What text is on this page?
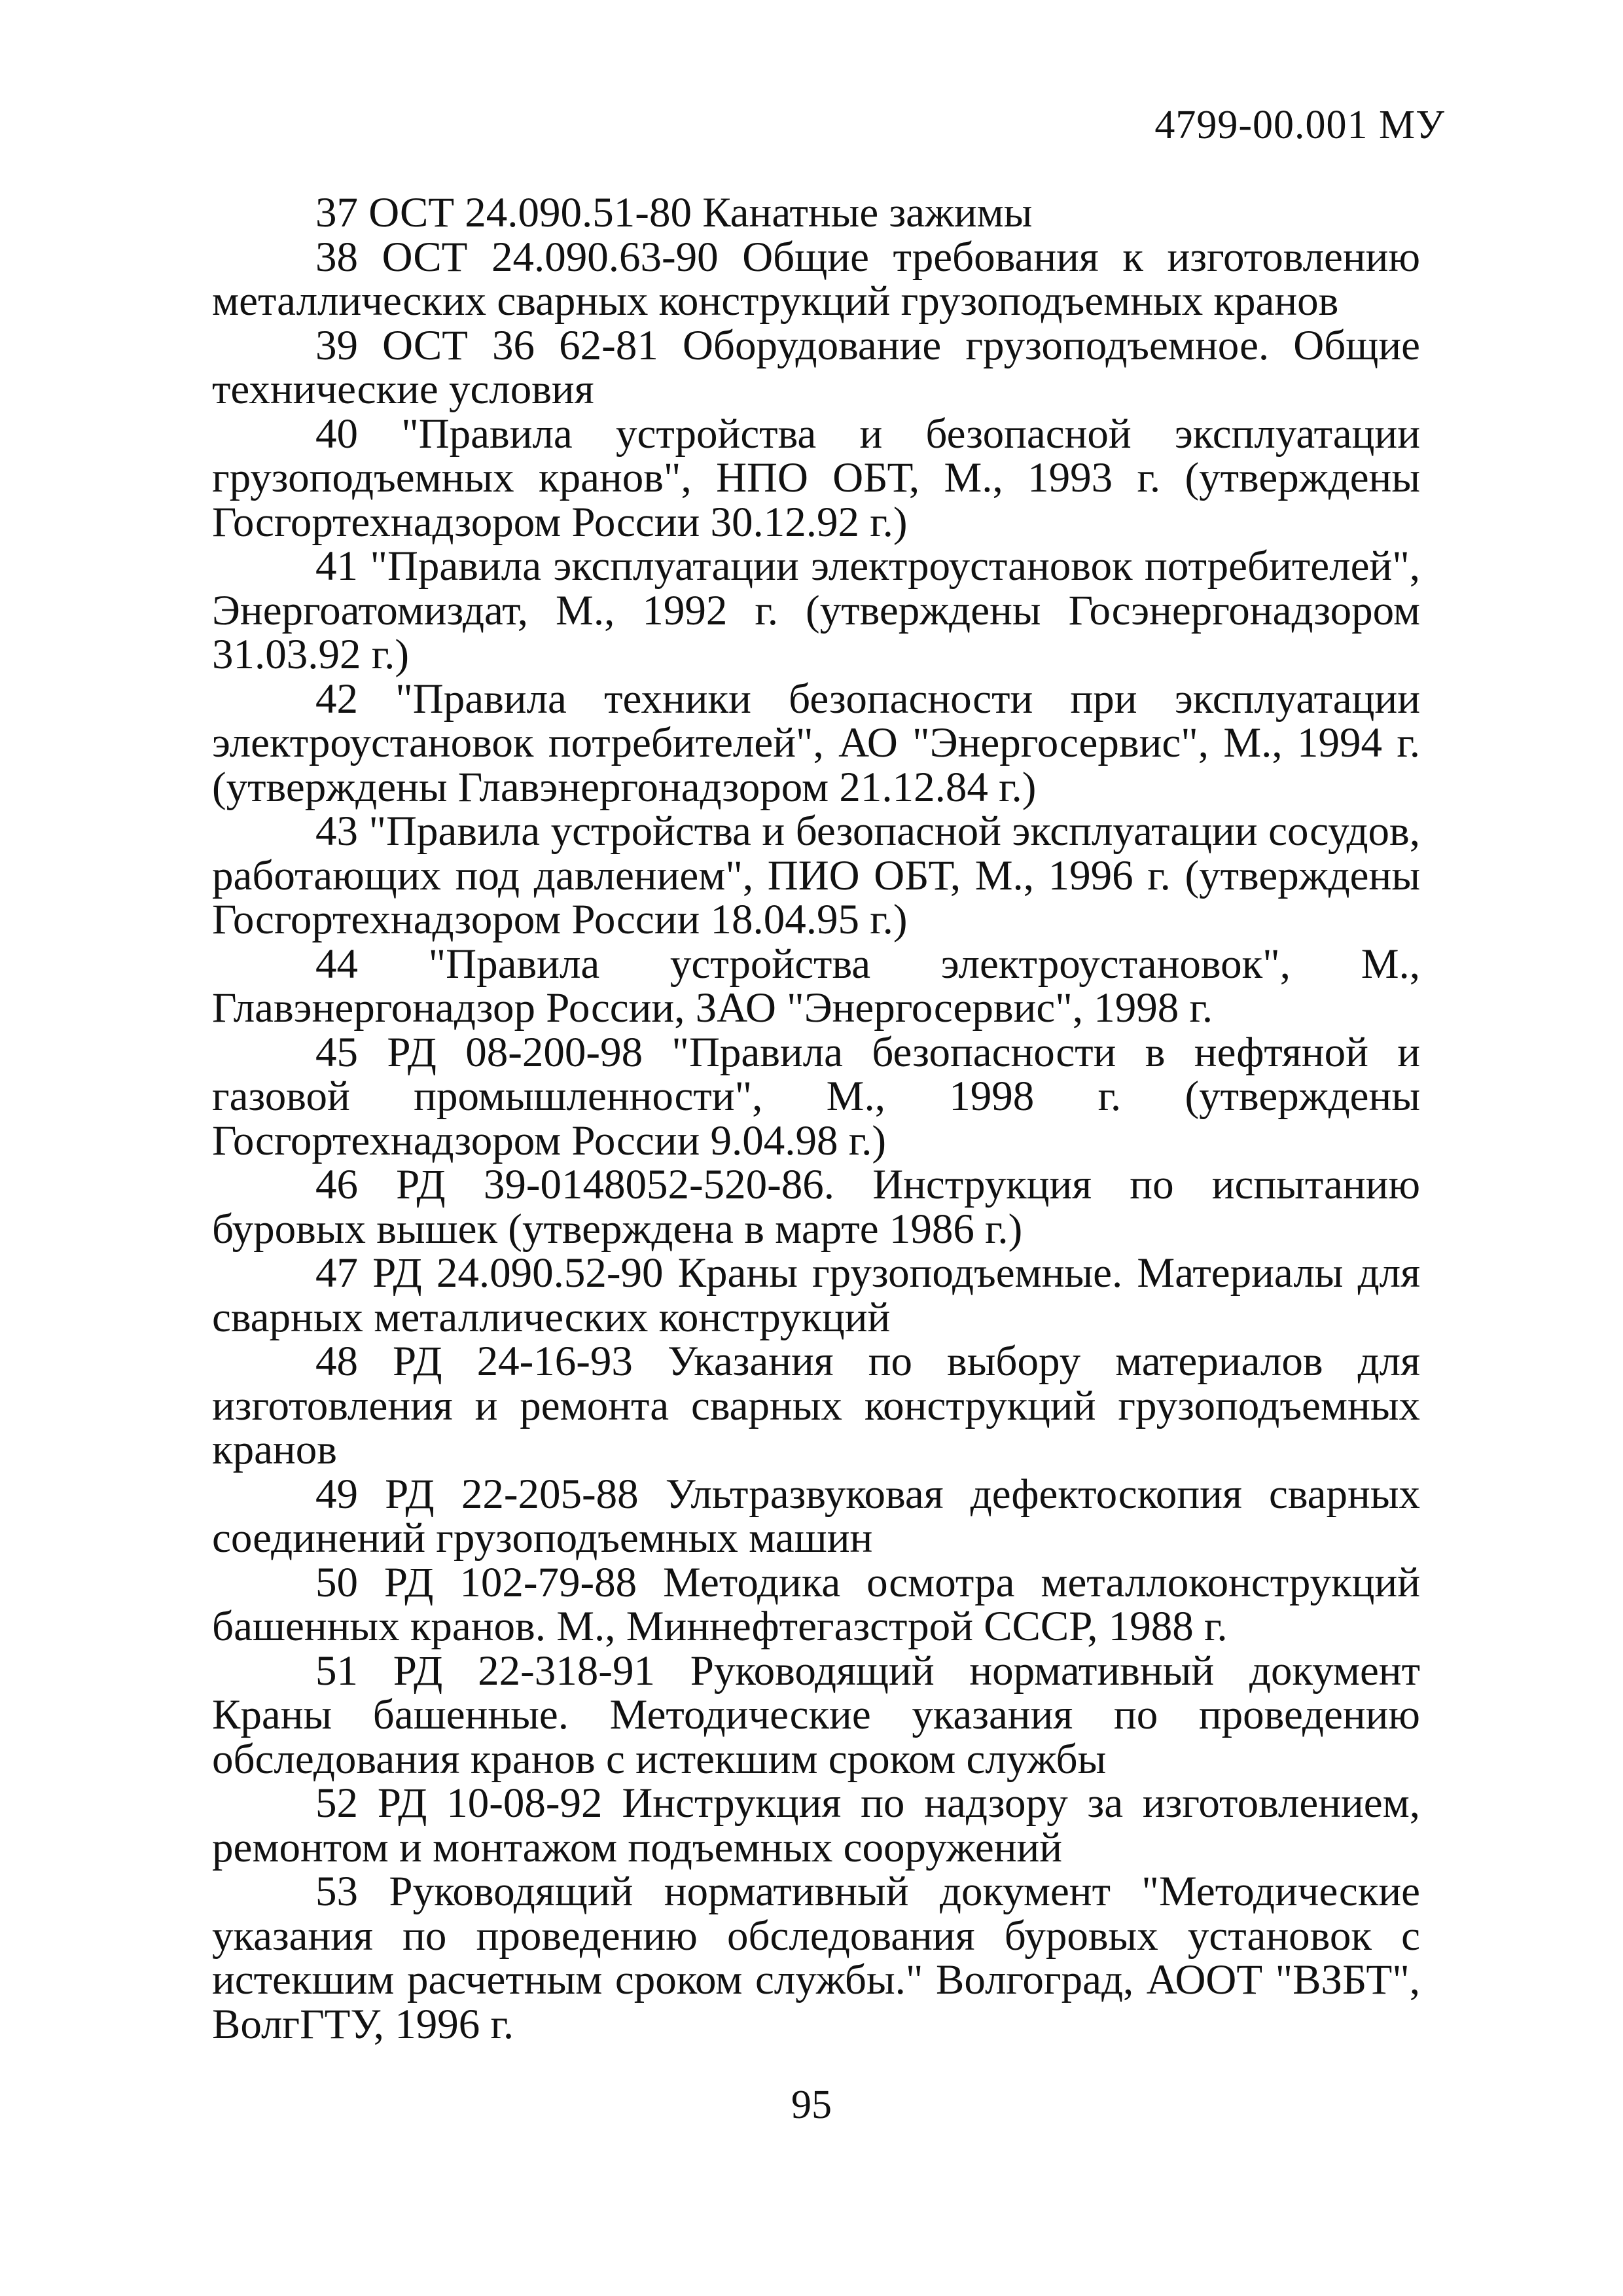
4799-00.001 МУ
37 ОСТ 24.090.51-80 Канатные зажимы
38 ОСТ 24.090.63-90 Общие требования к изготовлению металлических сварных конструкций грузоподъемных кранов
39 ОСТ 36 62-81 Оборудование грузоподъемное. Общие технические условия
40 "Правила устройства и безопасной эксплуатации грузоподъемных кранов", НПО ОБТ, М., 1993 г. (утверждены Госгортехнадзором России 30.12.92 г.)
41 "Правила эксплуатации электроустановок потребителей", Энергоатомиздат, М., 1992 г. (утверждены Госэнергонадзором 31.03.92 г.)
42 "Правила техники безопасности при эксплуатации электроустановок потребителей", АО "Энергосервис", М., 1994 г. (утверждены Главэнергонадзором 21.12.84 г.)
43 "Правила устройства и безопасной эксплуатации сосудов, работающих под давлением", ПИО ОБТ, М., 1996 г. (утверждены Госгортехнадзором России 18.04.95 г.)
44 "Правила устройства электроустановок", М., Главэнергонадзор России, ЗАО "Энергосервис", 1998 г.
45 РД 08-200-98 "Правила безопасности в нефтяной и газовой промышленности", М., 1998 г. (утверждены Госгортехнадзором России 9.04.98 г.)
46 РД 39-0148052-520-86. Инструкция по испытанию буровых вышек (утверждена в марте 1986 г.)
47 РД 24.090.52-90 Краны грузоподъемные. Материалы для сварных металлических конструкций
48 РД 24-16-93 Указания по выбору материалов для изготовления и ремонта сварных конструкций грузоподъемных кранов
49 РД 22-205-88 Ультразвуковая дефектоскопия сварных соединений грузоподъемных машин
50 РД 102-79-88 Методика осмотра металлоконструкций башенных кранов. М., Миннефтегазстрой СССР, 1988 г.
51 РД 22-318-91 Руководящий нормативный документ Краны башенные. Методические указания по проведению обследования кранов с истекшим сроком службы
52 РД 10-08-92 Инструкция по надзору за изготовлением, ремонтом и монтажом подъемных сооружений
53 Руководящий нормативный документ "Методические указания по проведению обследования буровых установок с истекшим расчетным сроком службы." Волгоград, АООТ "ВЗБТ", ВолгГТУ, 1996 г.
95
